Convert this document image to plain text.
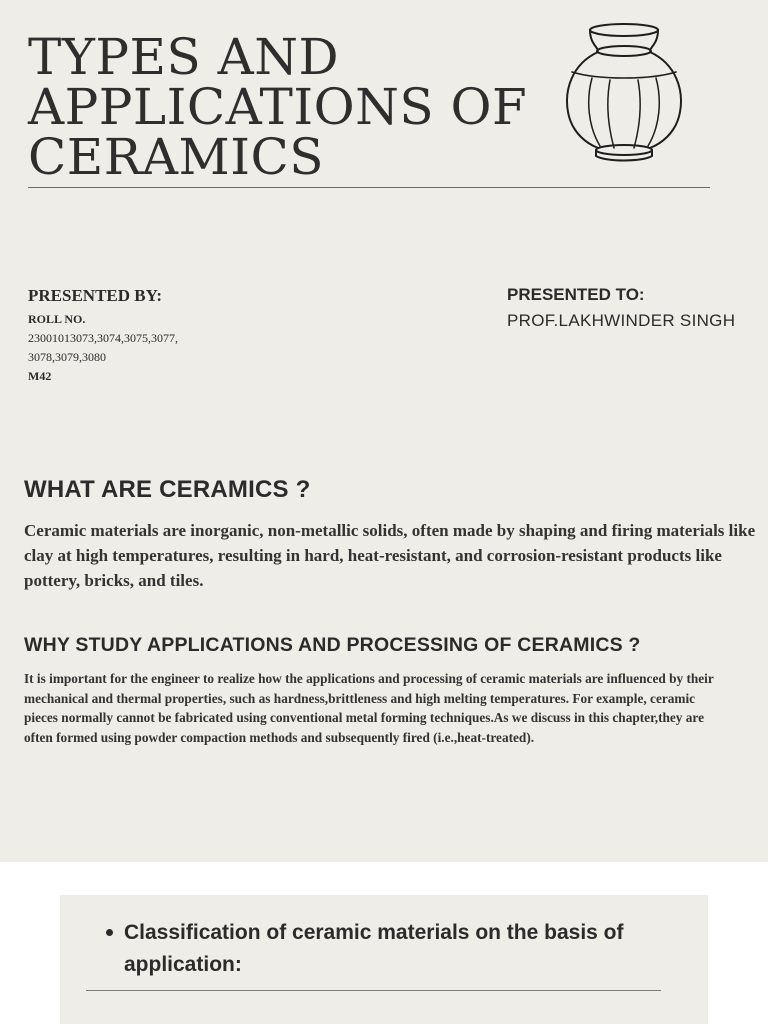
TYPES AND
APPLICATIONS OF
CERAMICS
PRESENTED BY:
ROLL NO.
23001013073,3074,3075,3077,
3078,3079,3080
M42
PRESENTED TO:
PROF.LAKHWINDER SINGH
WHAT ARE CERAMICS ?
Ceramic materials are inorganic, non-metallic solids, often made by shaping and firing materials like clay at high temperatures, resulting in hard, heat-resistant, and corrosion-resistant products like pottery, bricks, and tiles.
WHY STUDY APPLICATIONS AND PROCESSING OF CERAMICS ?
It is important for the engineer to realize how the applications and processing of ceramic materials are influenced by their mechanical and thermal properties, such as hardness,brittleness and high melting temperatures. For example, ceramic pieces normally cannot be fabricated using conventional metal forming techniques.As we discuss in this chapter,they are often formed using powder compaction methods and subsequently fired (i.e.,heat-treated).
Classification of ceramic materials on the basis of application:
